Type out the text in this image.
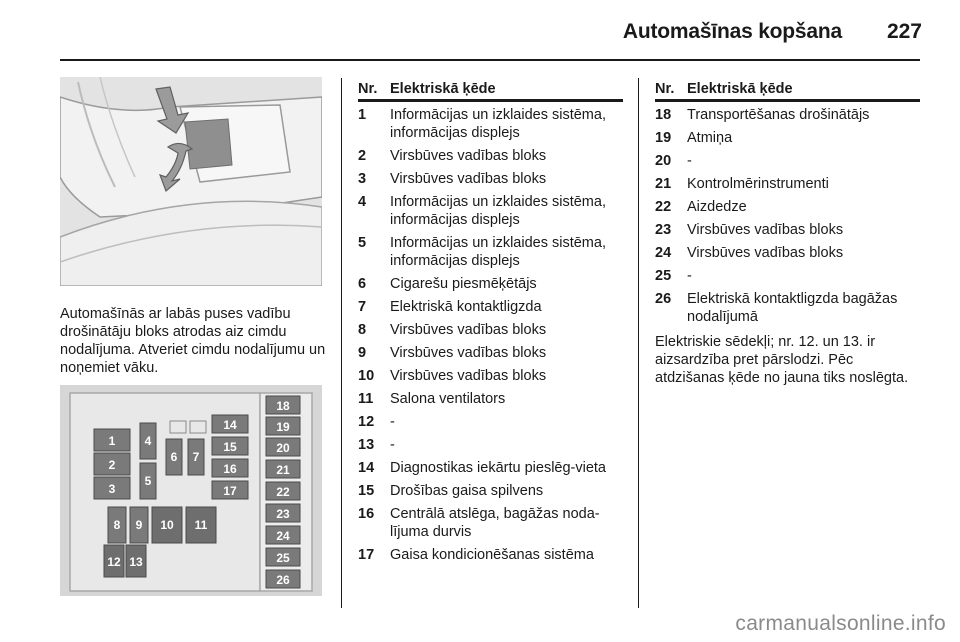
Automašīnas kopšana 227
Automašīnās ar labās puses vadību drošinātāju bloks atrodas aiz cimdu nodalījuma. Atveriet cimdu nodalījumu un noņemiet vāku.
1
2
3
4
5
6 7
14
15
16
17
8 9 10 11
12 13
18
19
20
21
22
23
24
25
26
Nr. Elektriskā ķēde
1	Informācijas un izklaides sistēma, informācijas displejs
2	Virsbūves vadības bloks
3	Virsbūves vadības bloks
4	Informācijas un izklaides sistēma, informācijas displejs
5	Informācijas un izklaides sistēma, informācijas displejs
6	Cigarešu piesmēķētājs
7	Elektriskā kontaktligzda
8	Virsbūves vadības bloks
9	Virsbūves vadības bloks
10	Virsbūves vadības bloks
11	Salona ventilators
12	-
13	-
14	Diagnostikas iekārtu pieslēg-vieta
15	Drošības gaisa spilvens
16	Centrālā atslēga, bagāžas noda-lījuma durvis
17	Gaisa kondicionēšanas sistēma
Nr. Elektriskā ķēde
18	Transportēšanas drošinātājs
19	Atmiņa
20	-
21	Kontrolmērinstrumenti
22	Aizdedze
23	Virsbūves vadības bloks
24	Virsbūves vadības bloks
25	-
26	Elektriskā kontaktligzda bagāžas nodalījumā
Elektriskie sēdekļi; nr. 12. un 13. ir aizsardzība pret pārslodzi. Pēc atdzišanas ķēde no jauna tiks noslēgta.
carmanualsonline.info
